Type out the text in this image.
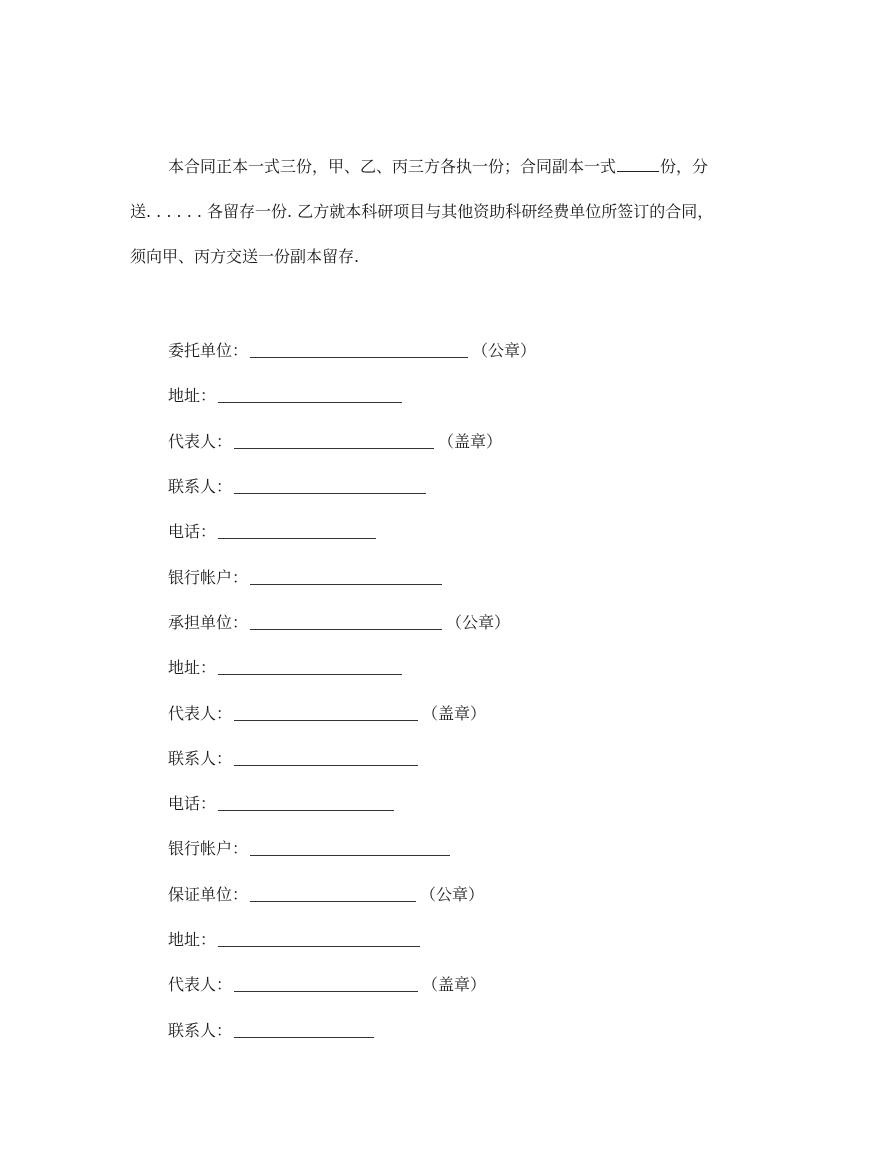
本合同正本一式三份，甲、乙、丙三方各执一份；合同副本一式	份，分
送. . . . . . 各留存一份. 乙方就本科研项目与其他资助科研经费单位所签订的合同，
须向甲、丙方交送一份副本留存.
委托单位：	（公章）
地址：
代表人：	（盖章）
联系人：
电话：
银行帐户：
承担单位：	（公章）
地址：
代表人：	（盖章）
联系人：
电话：
银行帐户：
保证单位：	（公章）
地址：
代表人：	（盖章）
联系人：
